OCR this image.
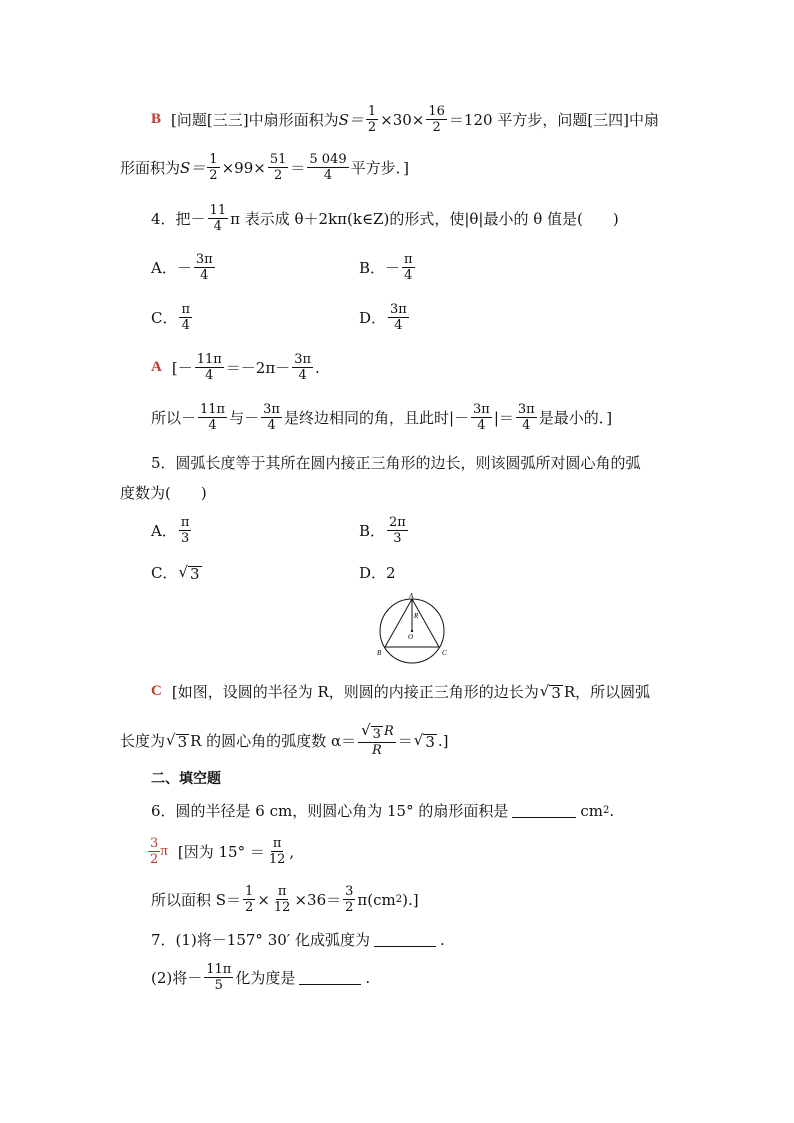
B [问题[三三]中扇形面积为 $S= \frac{1}{2} \times 30\times \frac{16}{2} =120$ 平方步，问题[三四]中扇
形面积为 $S= \frac{1}{2} \times 99\times \frac{51}{2} = \frac{5 049}{4}$ 平方步．]
4．把－ $\frac{11}{4}$ π 表示成 θ＋2kπ(k∈Z)的形式，使|θ|最小的 θ 值是(　　)
A．－ $\frac{3\pi}{4}$	B．－ $\frac{\pi}{4}$
C． $\frac{\pi}{4}$	D． $\frac{3\pi}{4}$
A [－ $\frac{11\pi}{4} =-2\pi- \frac{3\pi}{4}$ .
所以－ $\frac{11\pi}{4}$ 与－ $\frac{3\pi}{4}$ 是终边相同的角，且此时|－ $\frac{3\pi}{4}$ |＝ $\frac{3\pi}{4}$ 是最小的．]
5．圆弧长度等于其所在圆内接正三角形的边长，则该圆弧所对圆心角的弧
度数为(　　)
A． $\frac{\pi}{3}$	B． $\frac{2\pi}{3}$
C． √ 3	D．2
A
B	C
O
R
C [如图，设圆的半径为 R，则圆的内接正三角形的边长为 √ 3 R，所以圆弧
长度为 √ 3 R 的圆心角的弧度数 $\alpha= \frac{√ 3 R}{R}$ ＝ √ 3 .]
二、填空题
6．圆的半径是 6 cm，则圆心角为 15° 的扇形面积是	cm 2 .
$\frac{3}{2}$ π [因为 $15^\circ = \frac{\pi}{12}$ ,
所以面积 $S= \frac{1}{2} \times \frac{\pi}{12} \times 36= \frac{3}{2} \pi(cm$ 2 ).]
7．(1)将－157° 30′ 化成弧度为	.
(2)将－ $\frac{11\pi}{5}$ 化为度是	.
